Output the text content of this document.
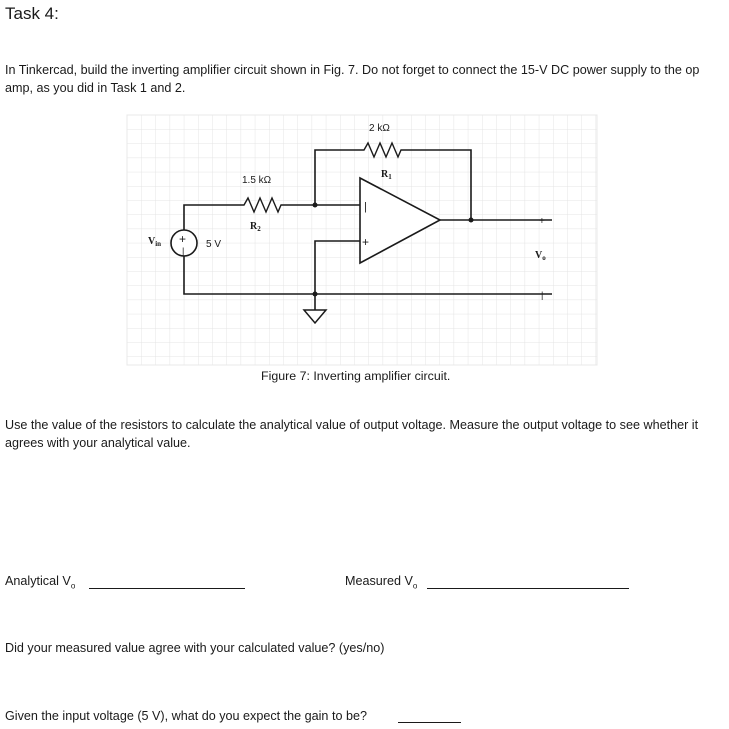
Task 4:
In Tinkercad, build the inverting amplifier circuit shown in Fig. 7. Do not forget to connect the 15-V DC power supply to the op amp, as you did in Task 1 and 2.
2 kΩ
$R_1$
1.5 kΩ
$R_2$
$V_{in}$ +
|
5 V
|
+
+
$V_o$
|
Figure 7: Inverting amplifier circuit.
Use the value of the resistors to calculate the analytical value of output voltage. Measure the output voltage to see whether it agrees with your analytical value.
Analytical $V_o$	Measured $V_o$
Did your measured value agree with your calculated value? (yes/no)
Given the input voltage (5 V), what do you expect the gain to be?
